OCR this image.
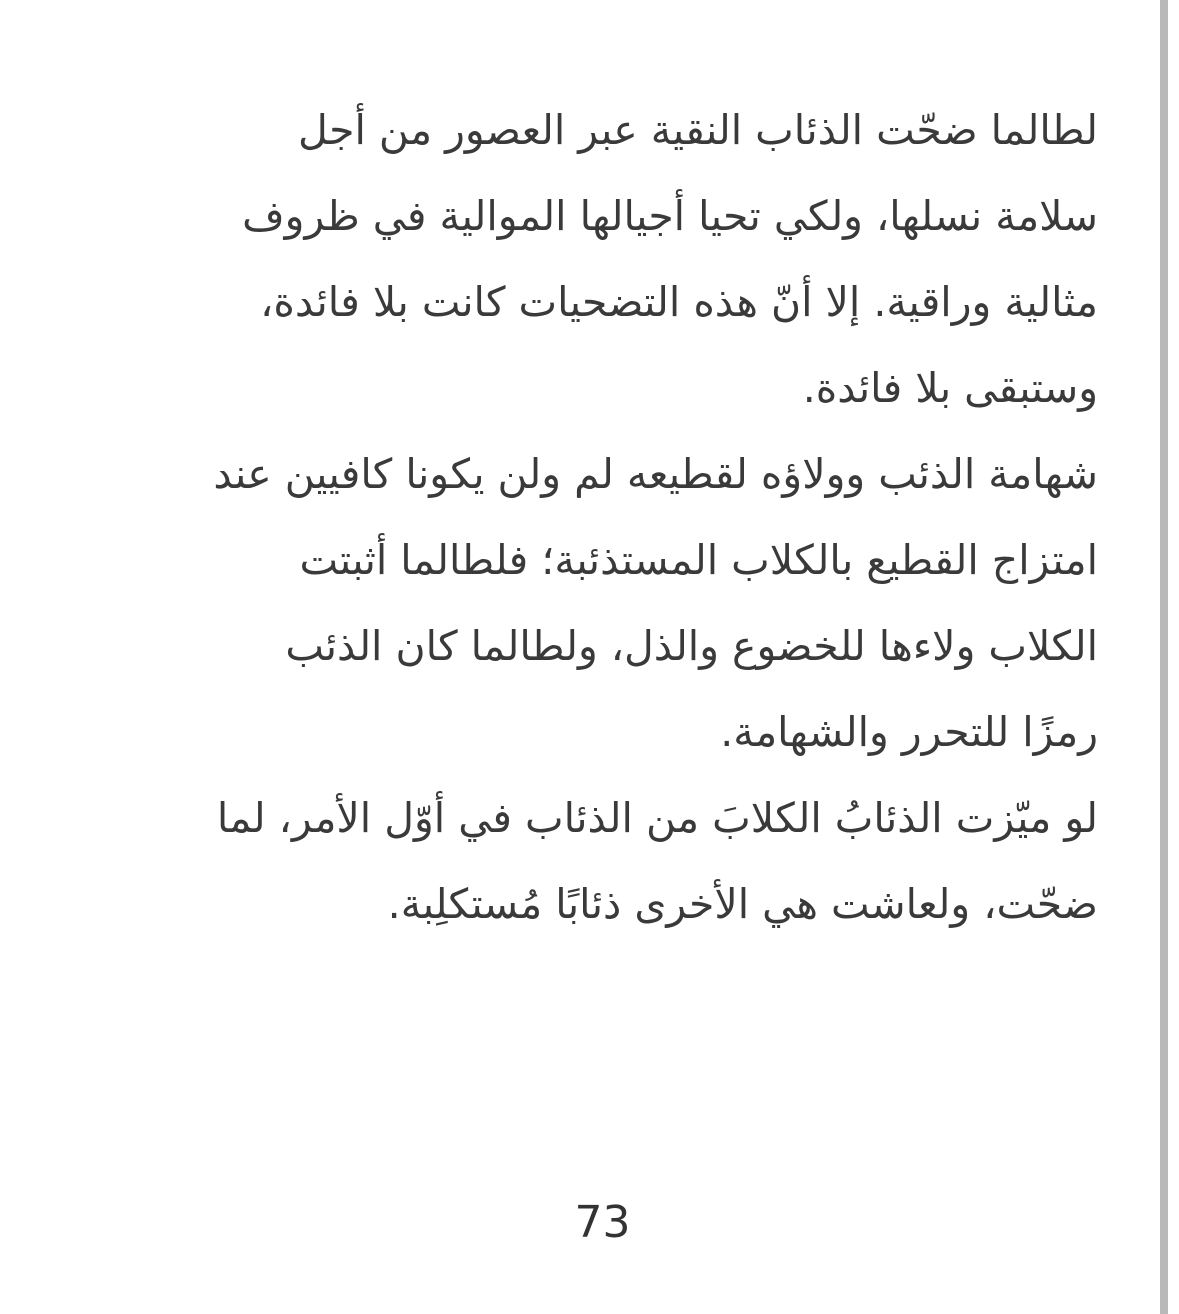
لطالما ضحّت الذئاب النقية عبر العصور من أجل
سلامة نسلها، ولكي تحيا أجيالها الموالية في ظروف
مثالية وراقية. إلا أنّ هذه التضحيات كانت بلا فائدة،
وستبقى بلا فائدة.
شهامة الذئب وولاؤه لقطيعه لم ولن يكونا كافيين عند
امتزاج القطيع بالكلاب المستذئبة؛ فلطالما أثبتت
الكلاب ولاءها للخضوع والذل، ولطالما كان الذئب
رمزًا للتحرر والشهامة.
لو ميّزت الذئابُ الكلابَ من الذئاب في أوّل الأمر، لما
ضحّت، ولعاشت هي الأخرى ذئابًا مُستكلِبة.
73
